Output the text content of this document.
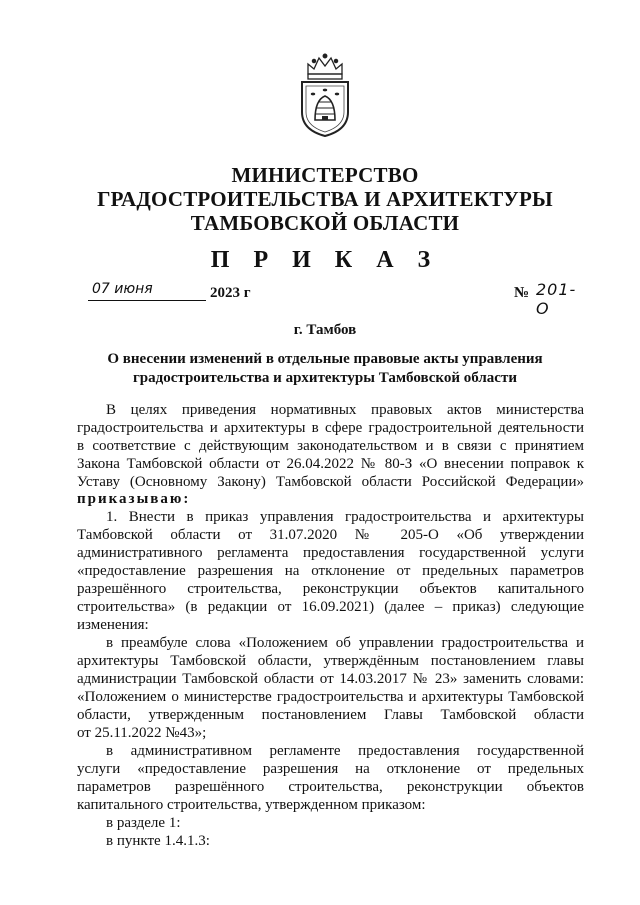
МИНИСТЕРСТВО
ГРАДОСТРОИТЕЛЬСТВА И АРХИТЕКТУРЫ
ТАМБОВСКОЙ ОБЛАСТИ
П Р И К А З
07 июня	2023 г	№ 201-О
г. Тамбов
О внесении изменений в отдельные правовые акты управления
градостроительства и архитектуры Тамбовской области
В целях приведения нормативных правовых актов министерства
градостроительства и архитектуры в сфере градостроительной деятельности
в соответствие с действующим законодательством и в связи с принятием
Закона Тамбовской области от 26.04.2022 № 80-З «О внесении поправок к
Уставу (Основному Закону) Тамбовской области Российской Федерации»
приказываю:
1. Внести в приказ управления градостроительства и архитектуры
Тамбовской области от 31.07.2020 № 205-О «Об утверждении
административного регламента предоставления государственной услуги
«предоставление разрешения на отклонение от предельных параметров
разрешённого строительства, реконструкции объектов капитального
строительства» (в редакции от 16.09.2021) (далее – приказ) следующие
изменения:
в преамбуле слова «Положением об управлении градостроительства и
архитектуры Тамбовской области, утверждённым постановлением главы
администрации Тамбовской области от 14.03.2017 № 23» заменить словами:
«Положением о министерстве градостроительства и архитектуры Тамбовской
области, утвержденным постановлением Главы Тамбовской области
от 25.11.2022 №43»;
в административном регламенте предоставления государственной
услуги «предоставление разрешения на отклонение от предельных
параметров разрешённого строительства, реконструкции объектов
капитального строительства, утвержденном приказом:
в разделе 1:
в пункте 1.4.1.3:
